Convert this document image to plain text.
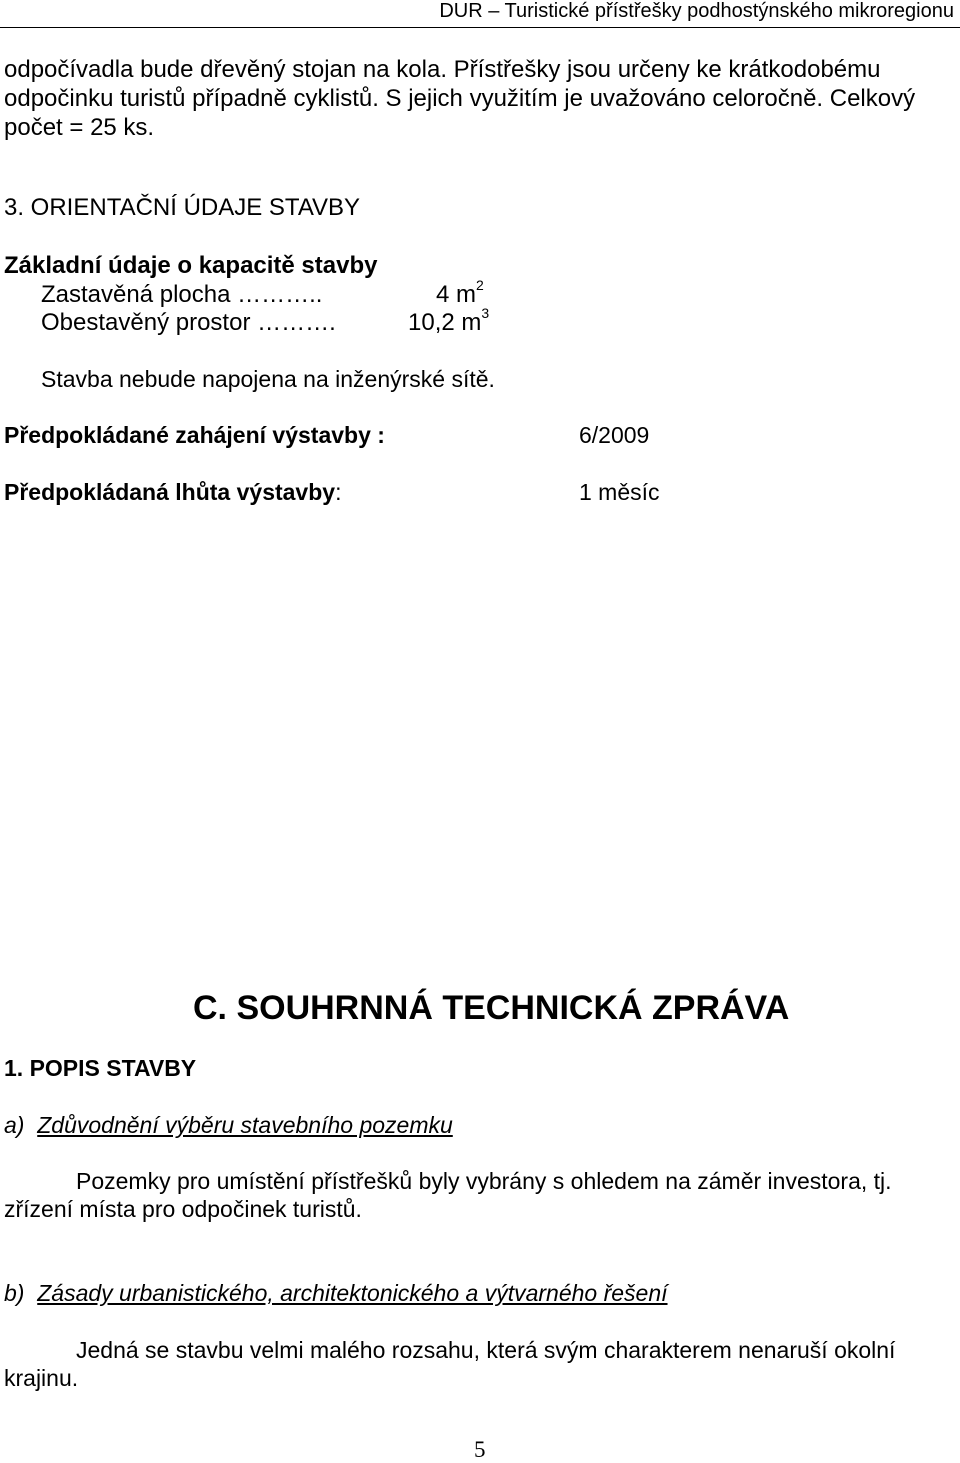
DUR – Turistické přístřešky podhostýnského mikroregionu
odpočívadla bude dřevěný stojan na kola. Přístřešky jsou určeny ke krátkodobému
odpočinku turistů případně cyklistů. S jejich využitím je uvažováno celoročně. Celkový
počet = 25 ks.
3. ORIENTAČNÍ ÚDAJE STAVBY
Základní údaje o kapacitě stavby
Zastavěná plocha ………..	4 $m^2$
Obestavěný prostor ……….	10,2 $m^3$
Stavba nebude napojena na inženýrské sítě.
Předpokládané zahájení výstavby :	6/2009
Předpokládaná lhůta výstavby:	1 měsíc
C. SOUHRNNÁ TECHNICKÁ ZPRÁVA
1. POPIS STAVBY
a) Zdůvodnění výběru stavebního pozemku
Pozemky pro umístění přístřešků byly vybrány s ohledem na záměr investora, tj.
zřízení místa pro odpočinek turistů.
b) Zásady urbanistického, architektonického a výtvarného řešení
Jedná se stavbu velmi malého rozsahu, která svým charakterem nenaruší okolní
krajinu.
5
